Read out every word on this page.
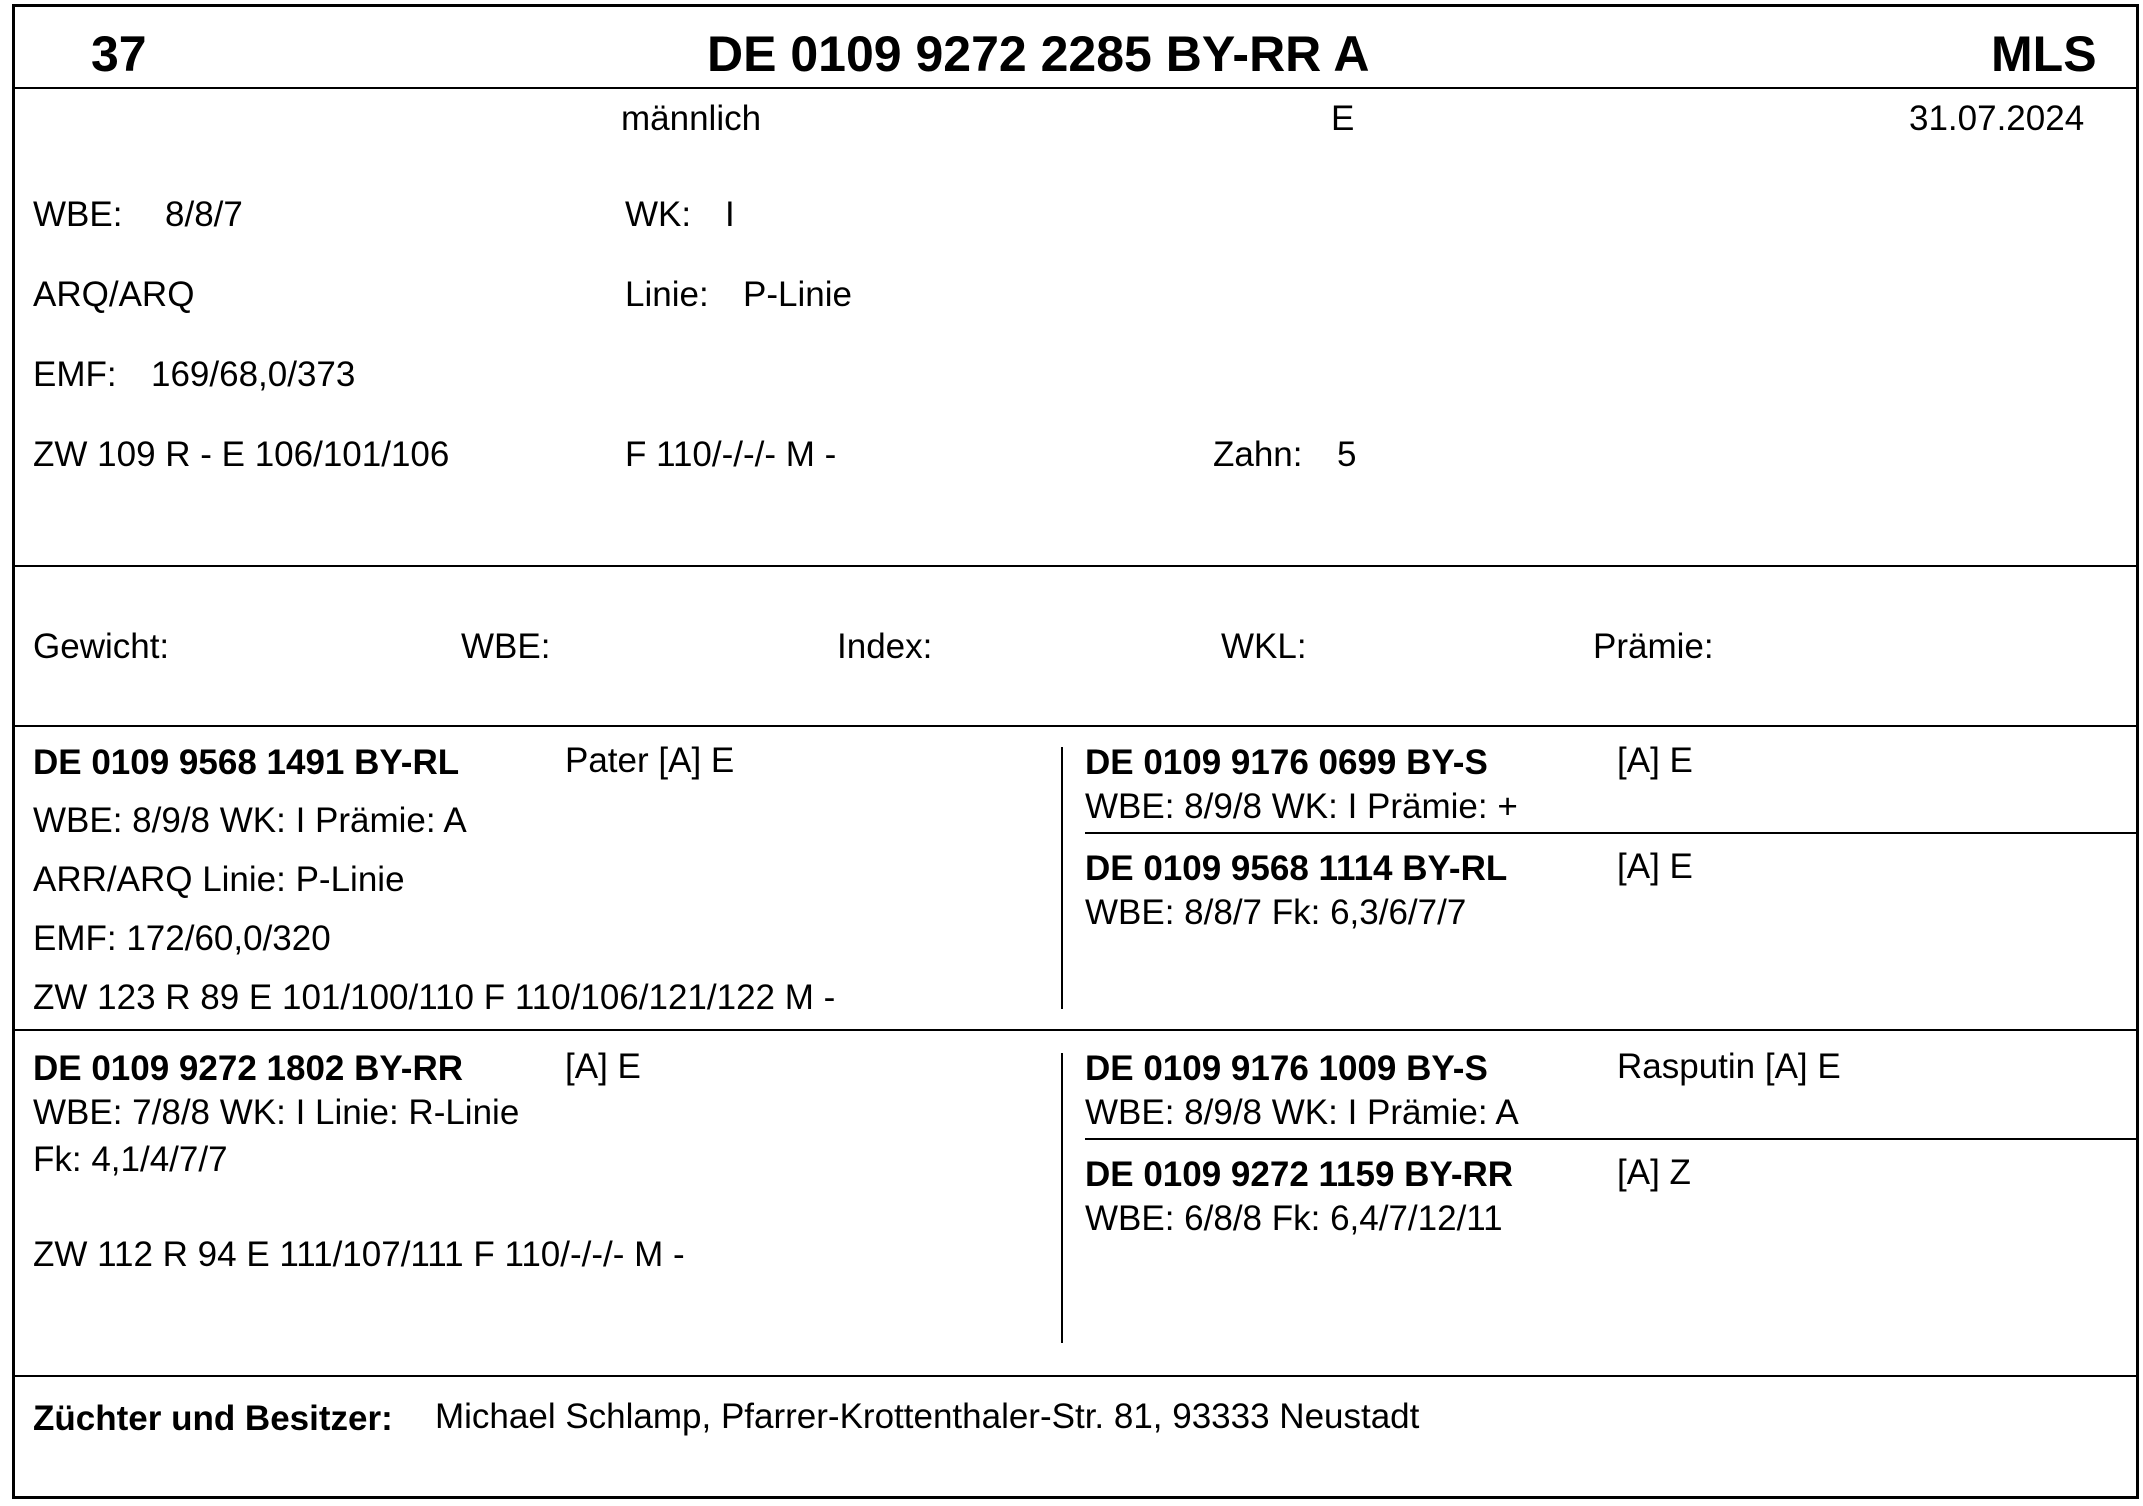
37	DE 0109 9272 2285 BY-RR A	MLS
männlich	E	31.07.2024
WBE: 8/8/7	WK: I
ARQ/ARQ	Linie: P-Linie
EMF: 169/68,0/373
ZW 109 R - E 106/101/106	F 110/-/-/- M -	Zahn: 5
Gewicht:	WBE:	Index:	WKL:	Prämie:
DE 0109 9568 1491 BY-RL	Pater [A] E
WBE: 8/9/8 WK: I Prämie: A
ARR/ARQ Linie: P-Linie
EMF: 172/60,0/320
ZW 123 R 89 E 101/100/110 F 110/106/121/122 M -
DE 0109 9176 0699 BY-S	[A] E
WBE: 8/9/8 WK: I Prämie: +
DE 0109 9568 1114 BY-RL	[A] E
WBE: 8/8/7 Fk: 6,3/6/7/7
DE 0109 9272 1802 BY-RR	[A] E
WBE: 7/8/8 WK: I Linie: R-Linie
Fk: 4,1/4/7/7
ZW 112 R 94 E 111/107/111 F 110/-/-/- M -
DE 0109 9176 1009 BY-S	Rasputin [A] E
WBE: 8/9/8 WK: I Prämie: A
DE 0109 9272 1159 BY-RR	[A] Z
WBE: 6/8/8 Fk: 6,4/7/12/11
Züchter und Besitzer: Michael Schlamp, Pfarrer-Krottenthaler-Str. 81, 93333 Neustadt
